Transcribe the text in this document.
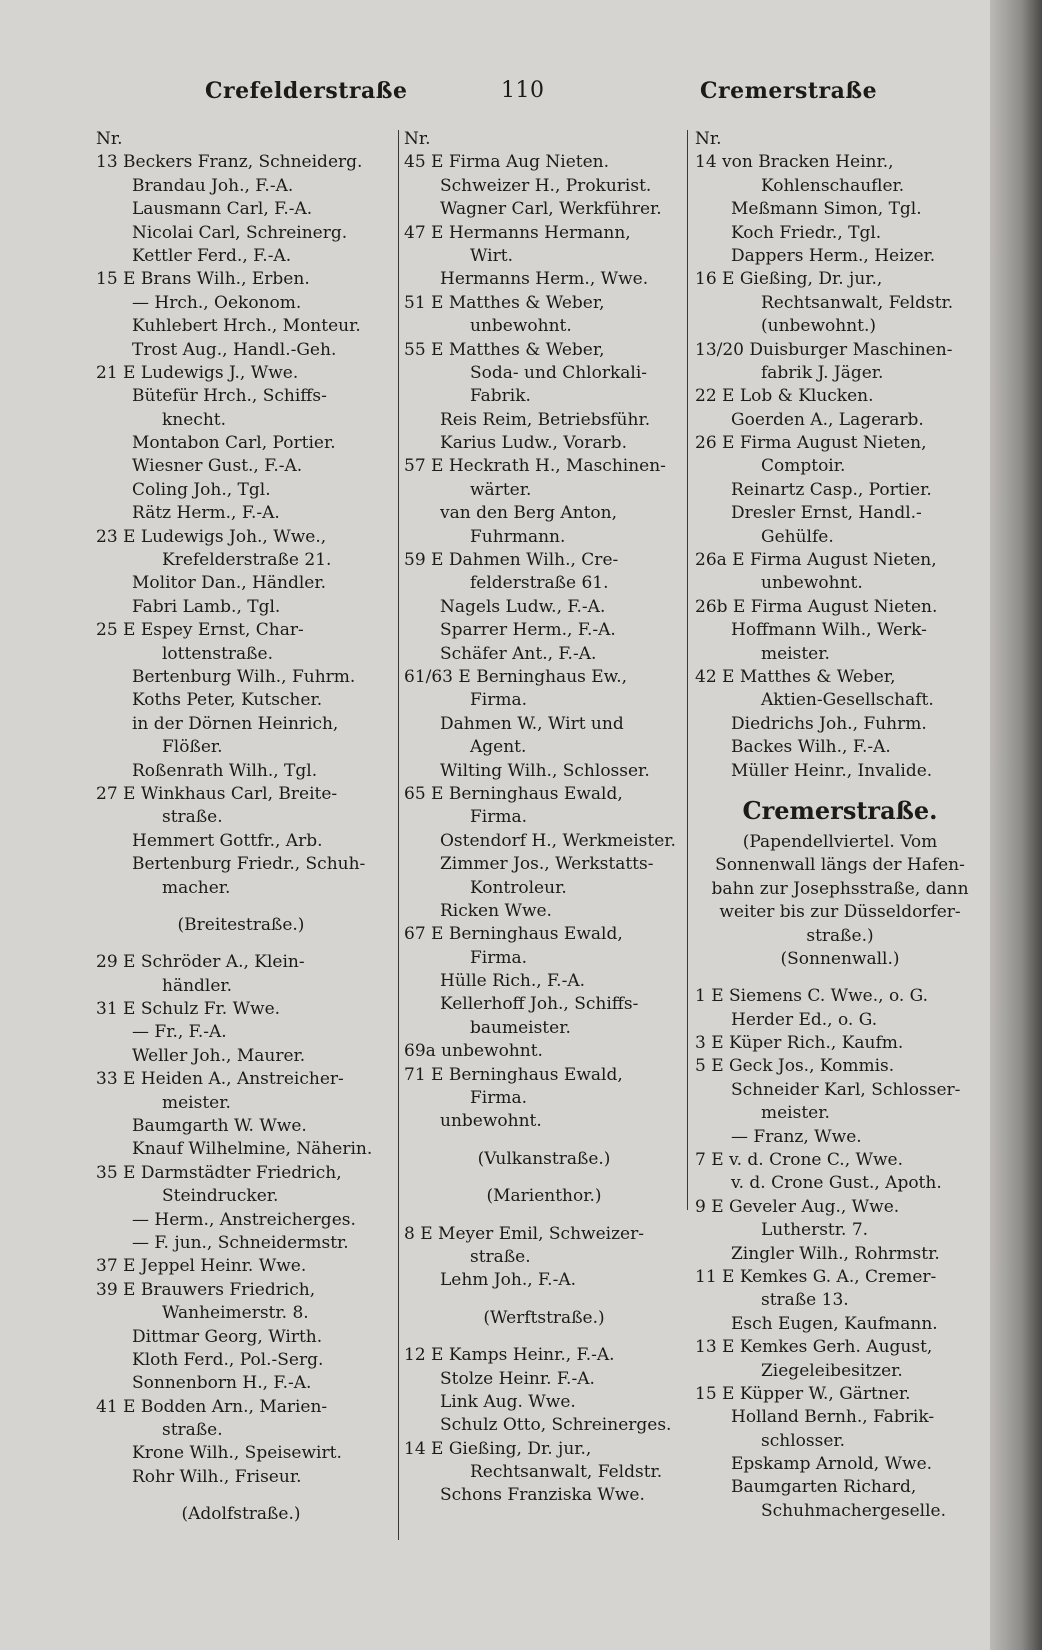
Crefelderstraße	110	Cremerstraße
Nr.
13 Beckers Franz, Schneiderg.
Brandau Joh., F.-A.
Lausmann Carl, F.-A.
Nicolai Carl, Schreinerg.
Kettler Ferd., F.-A.
15 E Brans Wilh., Erben.
— Hrch., Oekonom.
Kuhlebert Hrch., Monteur.
Trost Aug., Handl.-Geh.
21 E Ludewigs J., Wwe.
Bütefür Hrch., Schiffs-
knecht.
Montabon Carl, Portier.
Wiesner Gust., F.-A.
Coling Joh., Tgl.
Rätz Herm., F.-A.
23 E Ludewigs Joh., Wwe.,
Krefelderstraße 21.
Molitor Dan., Händler.
Fabri Lamb., Tgl.
25 E Espey Ernst, Char-
lottenstraße.
Bertenburg Wilh., Fuhrm.
Koths Peter, Kutscher.
in der Dörnen Heinrich,
Flößer.
Roßenrath Wilh., Tgl.
27 E Winkhaus Carl, Breite-
straße.
Hemmert Gottfr., Arb.
Bertenburg Friedr., Schuh-
macher.
(Breitestraße.)
29 E Schröder A., Klein-
händler.
31 E Schulz Fr. Wwe.
— Fr., F.-A.
Weller Joh., Maurer.
33 E Heiden A., Anstreicher-
meister.
Baumgarth W. Wwe.
Knauf Wilhelmine, Näherin.
35 E Darmstädter Friedrich,
Steindrucker.
— Herm., Anstreicherges.
— F. jun., Schneidermstr.
37 E Jeppel Heinr. Wwe.
39 E Brauwers Friedrich,
Wanheimerstr. 8.
Dittmar Georg, Wirth.
Kloth Ferd., Pol.-Serg.
Sonnenborn H., F.-A.
41 E Bodden Arn., Marien-
straße.
Krone Wilh., Speisewirt.
Rohr Wilh., Friseur.
(Adolfstraße.)
Nr.
45 E Firma Aug Nieten.
Schweizer H., Prokurist.
Wagner Carl, Werkführer.
47 E Hermanns Hermann,
Wirt.
Hermanns Herm., Wwe.
51 E Matthes & Weber,
unbewohnt.
55 E Matthes & Weber,
Soda- und Chlorkali-
Fabrik.
Reis Reim, Betriebsführ.
Karius Ludw., Vorarb.
57 E Heckrath H., Maschinen-
wärter.
van den Berg Anton,
Fuhrmann.
59 E Dahmen Wilh., Cre-
felderstraße 61.
Nagels Ludw., F.-A.
Sparrer Herm., F.-A.
Schäfer Ant., F.-A.
61/63 E Berninghaus Ew.,
Firma.
Dahmen W., Wirt und
Agent.
Wilting Wilh., Schlosser.
65 E Berninghaus Ewald,
Firma.
Ostendorf H., Werkmeister.
Zimmer Jos., Werkstatts-
Kontroleur.
Ricken Wwe.
67 E Berninghaus Ewald,
Firma.
Hülle Rich., F.-A.
Kellerhoff Joh., Schiffs-
baumeister.
69a unbewohnt.
71 E Berninghaus Ewald,
Firma.
unbewohnt.
(Vulkanstraße.)
(Marienthor.)
8 E Meyer Emil, Schweizer-
straße.
Lehm Joh., F.-A.
(Werftstraße.)
12 E Kamps Heinr., F.-A.
Stolze Heinr. F.-A.
Link Aug. Wwe.
Schulz Otto, Schreinerges.
14 E Gießing, Dr. jur.,
Rechtsanwalt, Feldstr.
Schons Franziska Wwe.
Nr.
14 von Bracken Heinr.,
Kohlenschaufler.
Meßmann Simon, Tgl.
Koch Friedr., Tgl.
Dappers Herm., Heizer.
16 E Gießing, Dr. jur.,
Rechtsanwalt, Feldstr.
(unbewohnt.)
13/20 Duisburger Maschinen-
fabrik J. Jäger.
22 E Lob & Klucken.
Goerden A., Lagerarb.
26 E Firma August Nieten,
Comptoir.
Reinartz Casp., Portier.
Dresler Ernst, Handl.-
Gehülfe.
26a E Firma August Nieten,
unbewohnt.
26b E Firma August Nieten.
Hoffmann Wilh., Werk-
meister.
42 E Matthes & Weber,
Aktien-Gesellschaft.
Diedrichs Joh., Fuhrm.
Backes Wilh., F.-A.
Müller Heinr., Invalide.
Cremerstraße.
(Papendellviertel. Vom
Sonnenwall längs der Hafen-
bahn zur Josephsstraße, dann
weiter bis zur Düsseldorfer-
straße.)
(Sonnenwall.)
1 E Siemens C. Wwe., o. G.
Herder Ed., o. G.
3 E Küper Rich., Kaufm.
5 E Geck Jos., Kommis.
Schneider Karl, Schlosser-
meister.
— Franz, Wwe.
7 E v. d. Crone C., Wwe.
v. d. Crone Gust., Apoth.
9 E Geveler Aug., Wwe.
Lutherstr. 7.
Zingler Wilh., Rohrmstr.
11 E Kemkes G. A., Cremer-
straße 13.
Esch Eugen, Kaufmann.
13 E Kemkes Gerh. August,
Ziegeleibesitzer.
15 E Küpper W., Gärtner.
Holland Bernh., Fabrik-
schlosser.
Epskamp Arnold, Wwe.
Baumgarten Richard,
Schuhmachergeselle.
